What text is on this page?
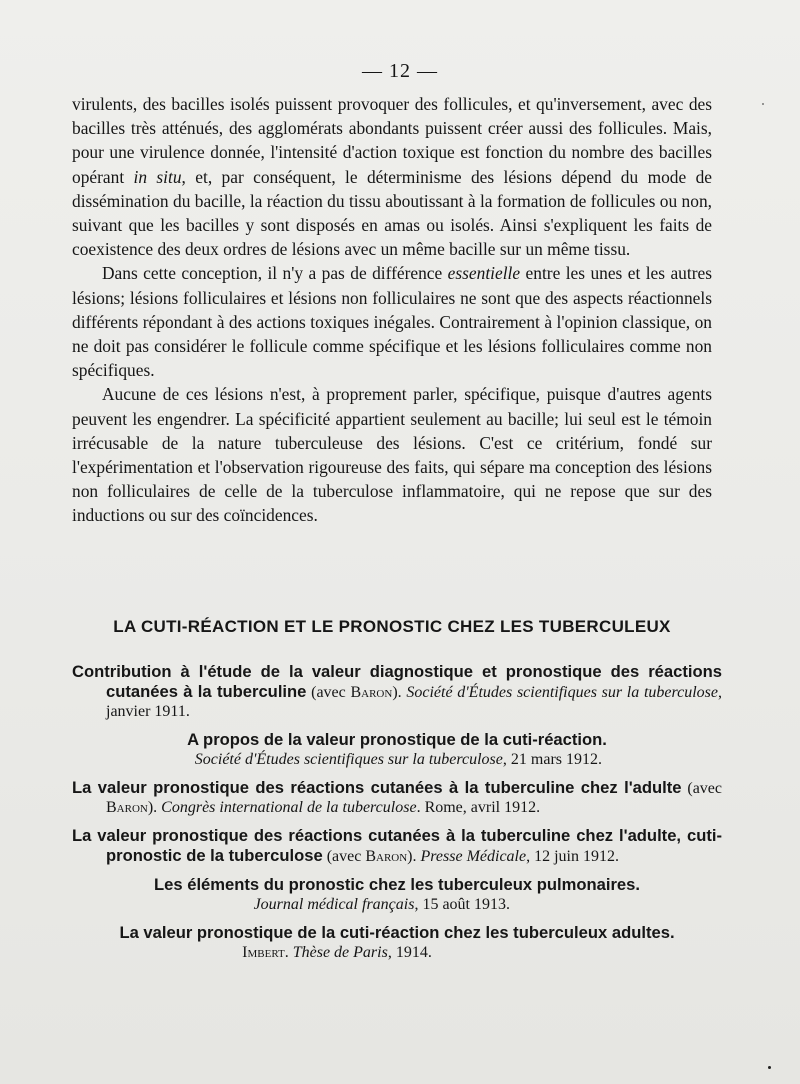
— 12 —

virulents, des bacilles isolés puissent provoquer des follicules, et qu'inversement, avec des bacilles très atténués, des agglomérats abondants puissent créer aussi des follicules. Mais, pour une virulence donnée, l'intensité d'action toxique est fonction du nombre des bacilles opérant in situ, et, par conséquent, le déterminisme des lésions dépend du mode de dissémination du bacille, la réaction du tissu aboutissant à la formation de follicules ou non, suivant que les bacilles y sont disposés en amas ou isolés. Ainsi s'expliquent les faits de coexistence des deux ordres de lésions avec un même bacille sur un même tissu.

Dans cette conception, il n'y a pas de différence essentielle entre les unes et les autres lésions; lésions folliculaires et lésions non folliculaires ne sont que des aspects réactionnels différents répondant à des actions toxiques inégales. Contrairement à l'opinion classique, on ne doit pas considérer le follicule comme spécifique et les lésions folliculaires comme non spécifiques.

Aucune de ces lésions n'est, à proprement parler, spécifique, puisque d'autres agents peuvent les engendrer. La spécificité appartient seulement au bacille; lui seul est le témoin irrécusable de la nature tuberculeuse des lésions. C'est ce critérium, fondé sur l'expérimentation et l'observation rigoureuse des faits, qui sépare ma conception des lésions non folliculaires de celle de la tuberculose inflammatoire, qui ne repose que sur des inductions ou sur des coïncidences.

LA CUTI-RÉACTION ET LE PRONOSTIC CHEZ LES TUBERCULEUX
Contribution à l'étude de la valeur diagnostique et pronostique des réactions cutanées à la tuberculine (avec Baron). Société d'Études scientifiques sur la tuberculose, janvier 1911.
A propos de la valeur pronostique de la cuti-réaction.
Société d'Études scientifiques sur la tuberculose, 21 mars 1912.
La valeur pronostique des réactions cutanées à la tuberculine chez l'adulte (avec Baron). Congrès international de la tuberculose. Rome, avril 1912.
La valeur pronostique des réactions cutanées à la tuberculine chez l'adulte, cuti-pronostic de la tuberculose (avec Baron). Presse Médicale, 12 juin 1912.
Les éléments du pronostic chez les tuberculeux pulmonaires.
Journal médical français, 15 août 1913.
La valeur pronostique de la cuti-réaction chez les tuberculeux adultes.
Imbert. Thèse de Paris, 1914.
